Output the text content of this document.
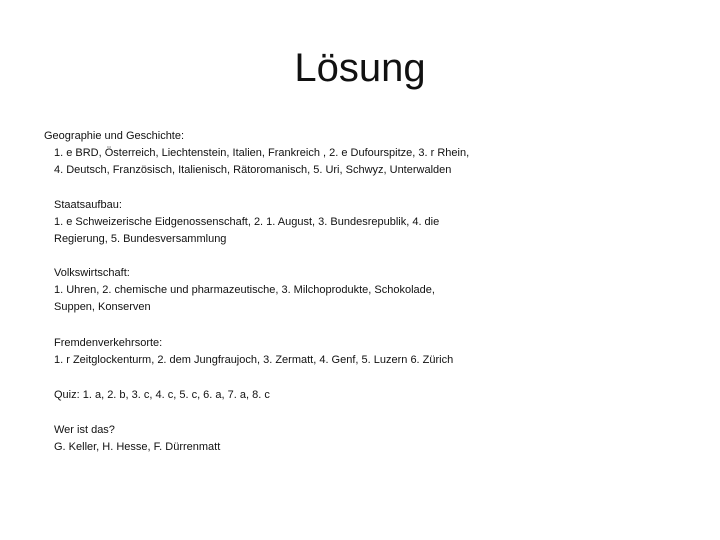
Lösung
Geographie und Geschichte:
1. e BRD, Österreich, Liechtenstein, Italien, Frankreich , 2. e Dufourspitze, 3. r Rhein,
4. Deutsch, Französisch, Italienisch, Rätoromanisch, 5. Uri, Schwyz, Unterwalden
Staatsaufbau:
1. e Schweizerische Eidgenossenschaft, 2. 1. August, 3. Bundesrepublik, 4. die
Regierung, 5. Bundesversammlung
Volkswirtschaft:
1. Uhren, 2. chemische und pharmazeutische, 3. Milchoprodukte, Schokolade,
Suppen, Konserven
Fremdenverkehrsorte:
1. r Zeitglockenturm, 2. dem Jungfraujoch, 3. Zermatt, 4. Genf, 5. Luzern 6. Zürich
Quiz: 1. a, 2. b, 3. c, 4. c, 5. c, 6. a, 7. a, 8. c
Wer ist das?
G. Keller, H. Hesse, F. Dürrenmatt
